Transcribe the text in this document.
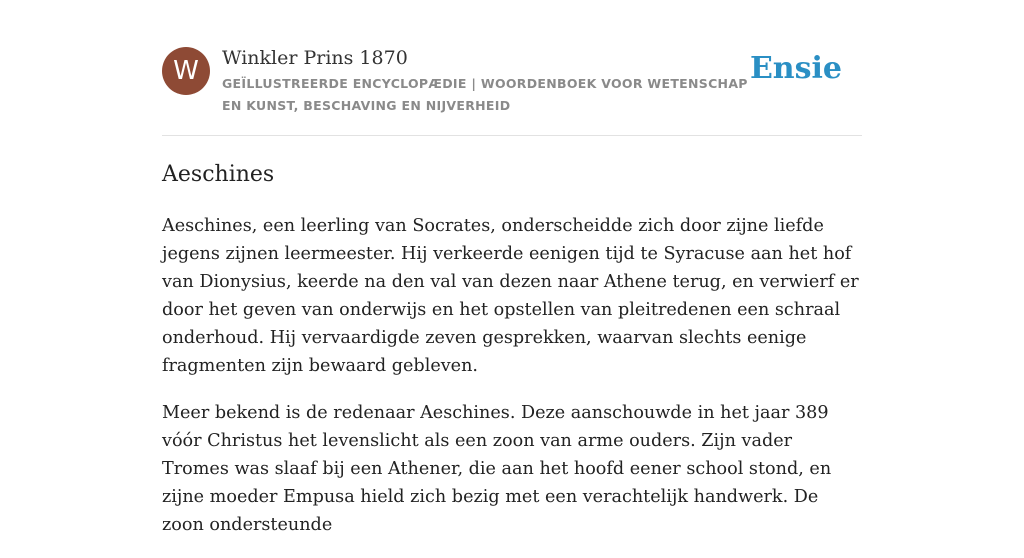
W	Winkler Prins 1870
GEÏLLUSTREERDE ENCYCLOPÆDIE | WOORDENBOEK VOOR WETENSCHAP EN KUNST, BESCHAVING EN NIJVERHEID
Ensie
Aeschines

Aeschines, een leerling van Socrates, onderscheidde zich door zijne liefde jegens zijnen leermeester. Hij verkeerde eenigen tijd te Syracuse aan het hof van Dionysius, keerde na den val van dezen naar Athene terug, en verwierf er door het geven van onderwijs en het opstellen van pleitredenen een schraal onderhoud. Hij vervaardigde zeven gesprekken, waarvan slechts eenige fragmenten zijn bewaard gebleven.

Meer bekend is de redenaar Aeschines. Deze aanschouwde in het jaar 389 vóór Christus het levenslicht als een zoon van arme ouders. Zijn vader Tromes was slaaf bij een Athener, die aan het hoofd eener school stond, en zijne moeder Empusa hield zich bezig met een verachtelijk handwerk. De zoon ondersteunde
